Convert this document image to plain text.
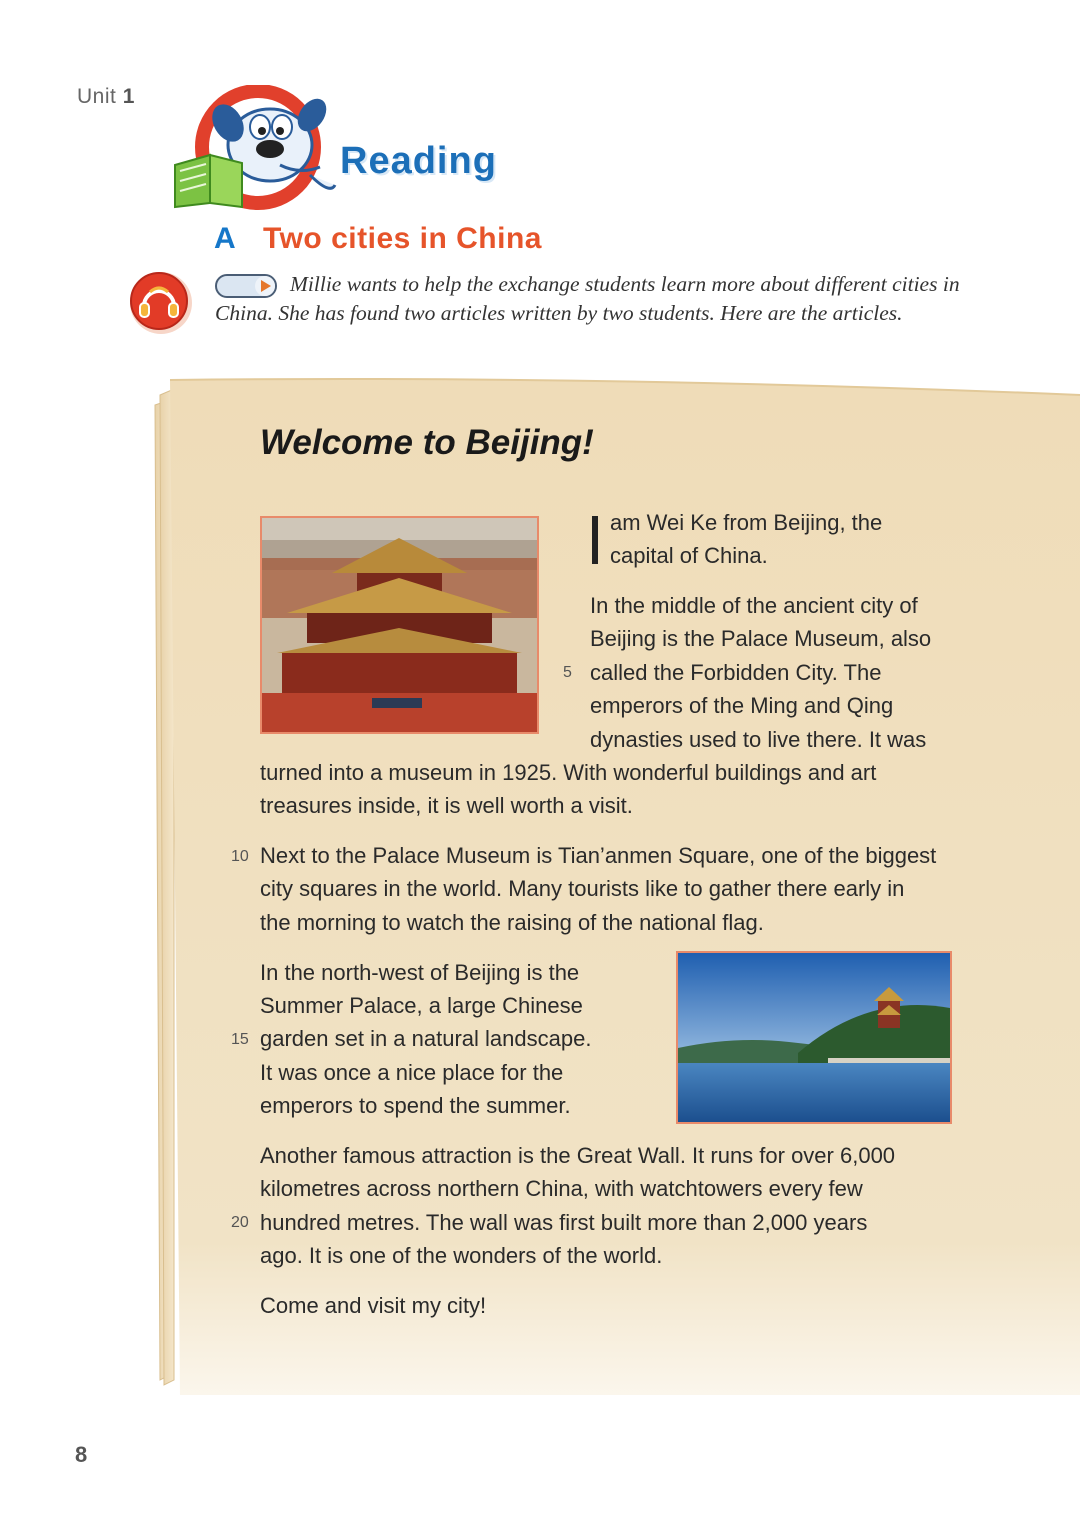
Unit 1
Reading
A Two cities in China
Millie wants to help the exchange students learn more about different cities in China. She has found two articles written by two students. Here are the articles.
Welcome to Beijing!
am Wei Ke from Beijing, the
capital of China.
In the middle of the ancient city of
Beijing is the Palace Museum, also
5 called the Forbidden City. The
emperors of the Ming and Qing
dynasties used to live there. It was
turned into a museum in 1925. With wonderful buildings and art
treasures inside, it is well worth a visit.
10 Next to the Palace Museum is Tian’anmen Square, one of the biggest
city squares in the world. Many tourists like to gather there early in
the morning to watch the raising of the national flag.
In the north-west of Beijing is the
Summer Palace, a large Chinese
15 garden set in a natural landscape.
It was once a nice place for the
emperors to spend the summer.
Another famous attraction is the Great Wall. It runs for over 6,000
kilometres across northern China, with watchtowers every few
20 hundred metres. The wall was first built more than 2,000 years
ago. It is one of the wonders of the world.
Come and visit my city!
8
